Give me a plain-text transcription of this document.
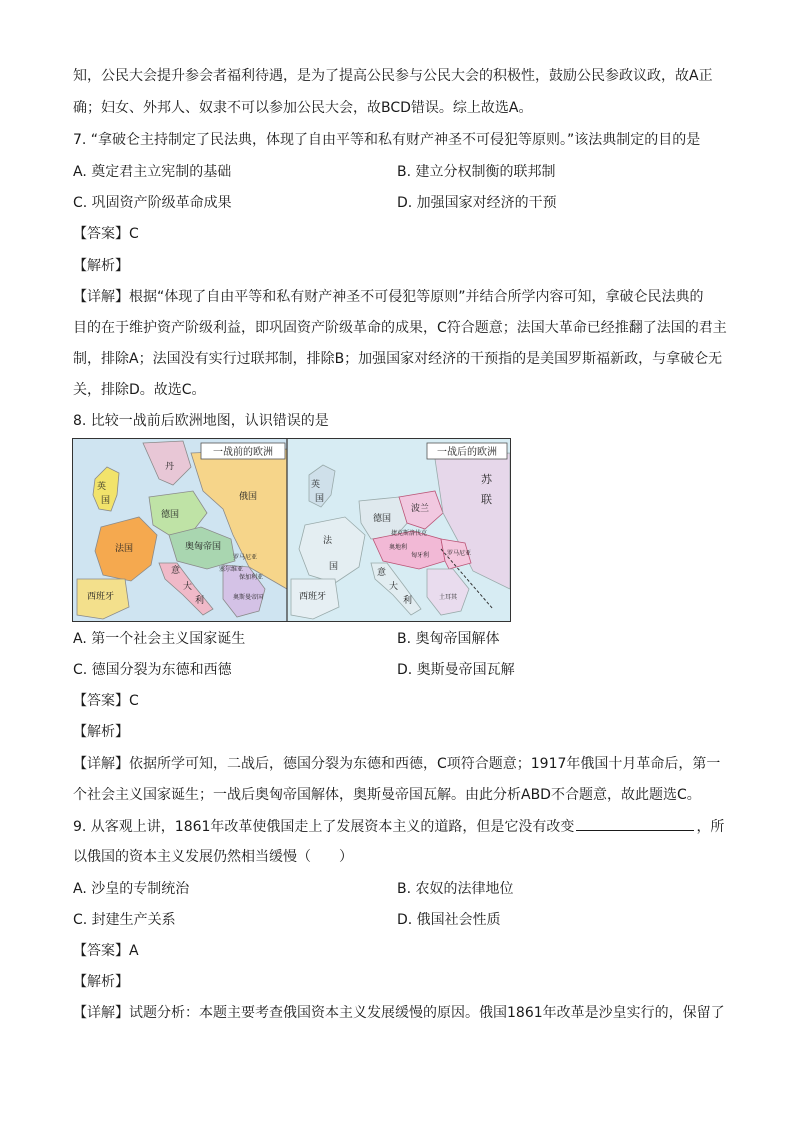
知，公民大会提升参会者福利待遇，是为了提高公民参与公民大会的积极性，鼓励公民参政议政，故A正
确；妇女、外邦人、奴隶不可以参加公民大会，故BCD错误。综上故选A。
7. “拿破仑主持制定了民法典，体现了自由平等和私有财产神圣不可侵犯等原则。”该法典制定的目的是
A. 奠定君主立宪制的基础	B. 建立分权制衡的联邦制
C. 巩固资产阶级革命成果	D. 加强国家对经济的干预
【答案】C
【解析】
【详解】根据“体现了自由平等和私有财产神圣不可侵犯等原则”并结合所学内容可知，拿破仑民法典的
目的在于维护资产阶级利益，即巩固资产阶级革命的成果，C符合题意；法国大革命已经推翻了法国的君主
制，排除A；法国没有实行过联邦制，排除B；加强国家对经济的干预指的是美国罗斯福新政，与拿破仑无
关，排除D。故选C。
8. 比较一战前后欧洲地图，认识错误的是
一战前的欧洲
英
国
德国
俄国
法国	奥匈帝国
意
大
利
西班牙
丹
罗马尼亚
保加利亚
塞尔维亚
奥斯曼帝国
一战后的欧洲
英
国
苏
联
法
国
德国
波兰
意
大
利
奥地利
匈牙利	罗马尼亚
捷克斯洛伐克
土耳其
西班牙
A. 第一个社会主义国家诞生	B. 奥匈帝国解体
C. 德国分裂为东德和西德	D. 奥斯曼帝国瓦解
【答案】C
【解析】
【详解】依据所学可知，二战后，德国分裂为东德和西德，C项符合题意；1917年俄国十月革命后，第一
个社会主义国家诞生；一战后奥匈帝国解体，奥斯曼帝国瓦解。由此分析ABD不合题意，故此题选C。
9. 从客观上讲，1861年改革使俄国走上了发展资本主义的道路，但是它没有改变	，所
以俄国的资本主义发展仍然相当缓慢（　　）
A. 沙皇的专制统治	B. 农奴的法律地位
C. 封建生产关系	D. 俄国社会性质
【答案】A
【解析】
【详解】试题分析：本题主要考查俄国资本主义发展缓慢的原因。俄国1861年改革是沙皇实行的，保留了
